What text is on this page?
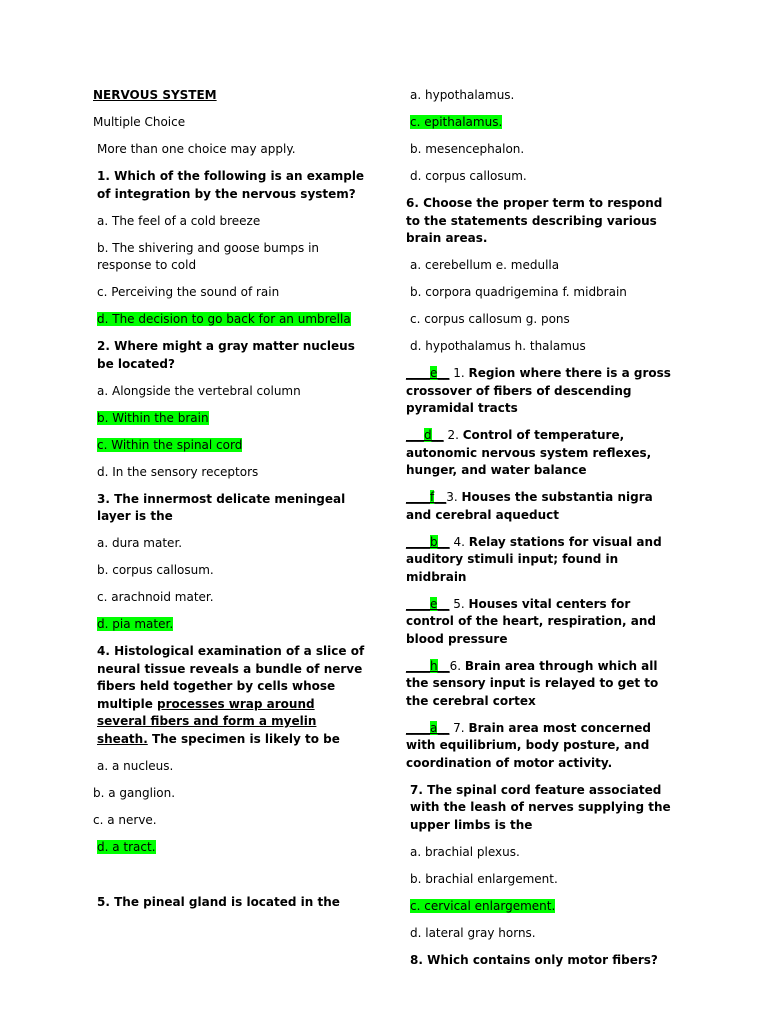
NERVOUS SYSTEM

Multiple Choice

More than one choice may apply.

1. Which of the following is an example of integration by the nervous system?

a. The feel of a cold breeze

b. The shivering and goose bumps in response to cold

c. Perceiving the sound of rain

d. The decision to go back for an umbrella

2. Where might a gray matter nucleus be located?

a. Alongside the vertebral column

b. Within the brain

c. Within the spinal cord

d. In the sensory receptors

3. The innermost delicate meningeal layer is the

a. dura mater.

b. corpus callosum.

c. arachnoid mater.

d. pia mater.

4. Histological examination of a slice of neural tissue reveals a bundle of nerve fibers held together by cells whose multiple processes wrap around several fibers and form a myelin sheath. The specimen is likely to be

a. a nucleus.

b. a ganglion.

c. a nerve.

d. a tract.

5. The pineal gland is located in the

a. hypothalamus.

c. epithalamus.

b. mesencephalon.

d. corpus callosum.

6. Choose the proper term to respond to the statements describing various brain areas.

a. cerebellum e. medulla

b. corpora quadrigemina f. midbrain

c. corpus callosum g. pons

d. hypothalamus h. thalamus

____e__ 1. Region where there is a gross crossover of fibers of descending pyramidal tracts

___d__ 2. Control of temperature, autonomic nervous system reflexes, hunger, and water balance

____f__3. Houses the substantia nigra and cerebral aqueduct

____b__ 4. Relay stations for visual and auditory stimuli input; found in midbrain

____e__ 5. Houses vital centers for control of the heart, respiration, and blood pressure

____h__6. Brain area through which all the sensory input is relayed to get to the cerebral cortex

____a__ 7. Brain area most concerned with equilibrium, body posture, and coordination of motor activity.

7. The spinal cord feature associated with the leash of nerves supplying the upper limbs is the

a. brachial plexus.

b. brachial enlargement.

c. cervical enlargement.

d. lateral gray horns.

8. Which contains only motor fibers?
